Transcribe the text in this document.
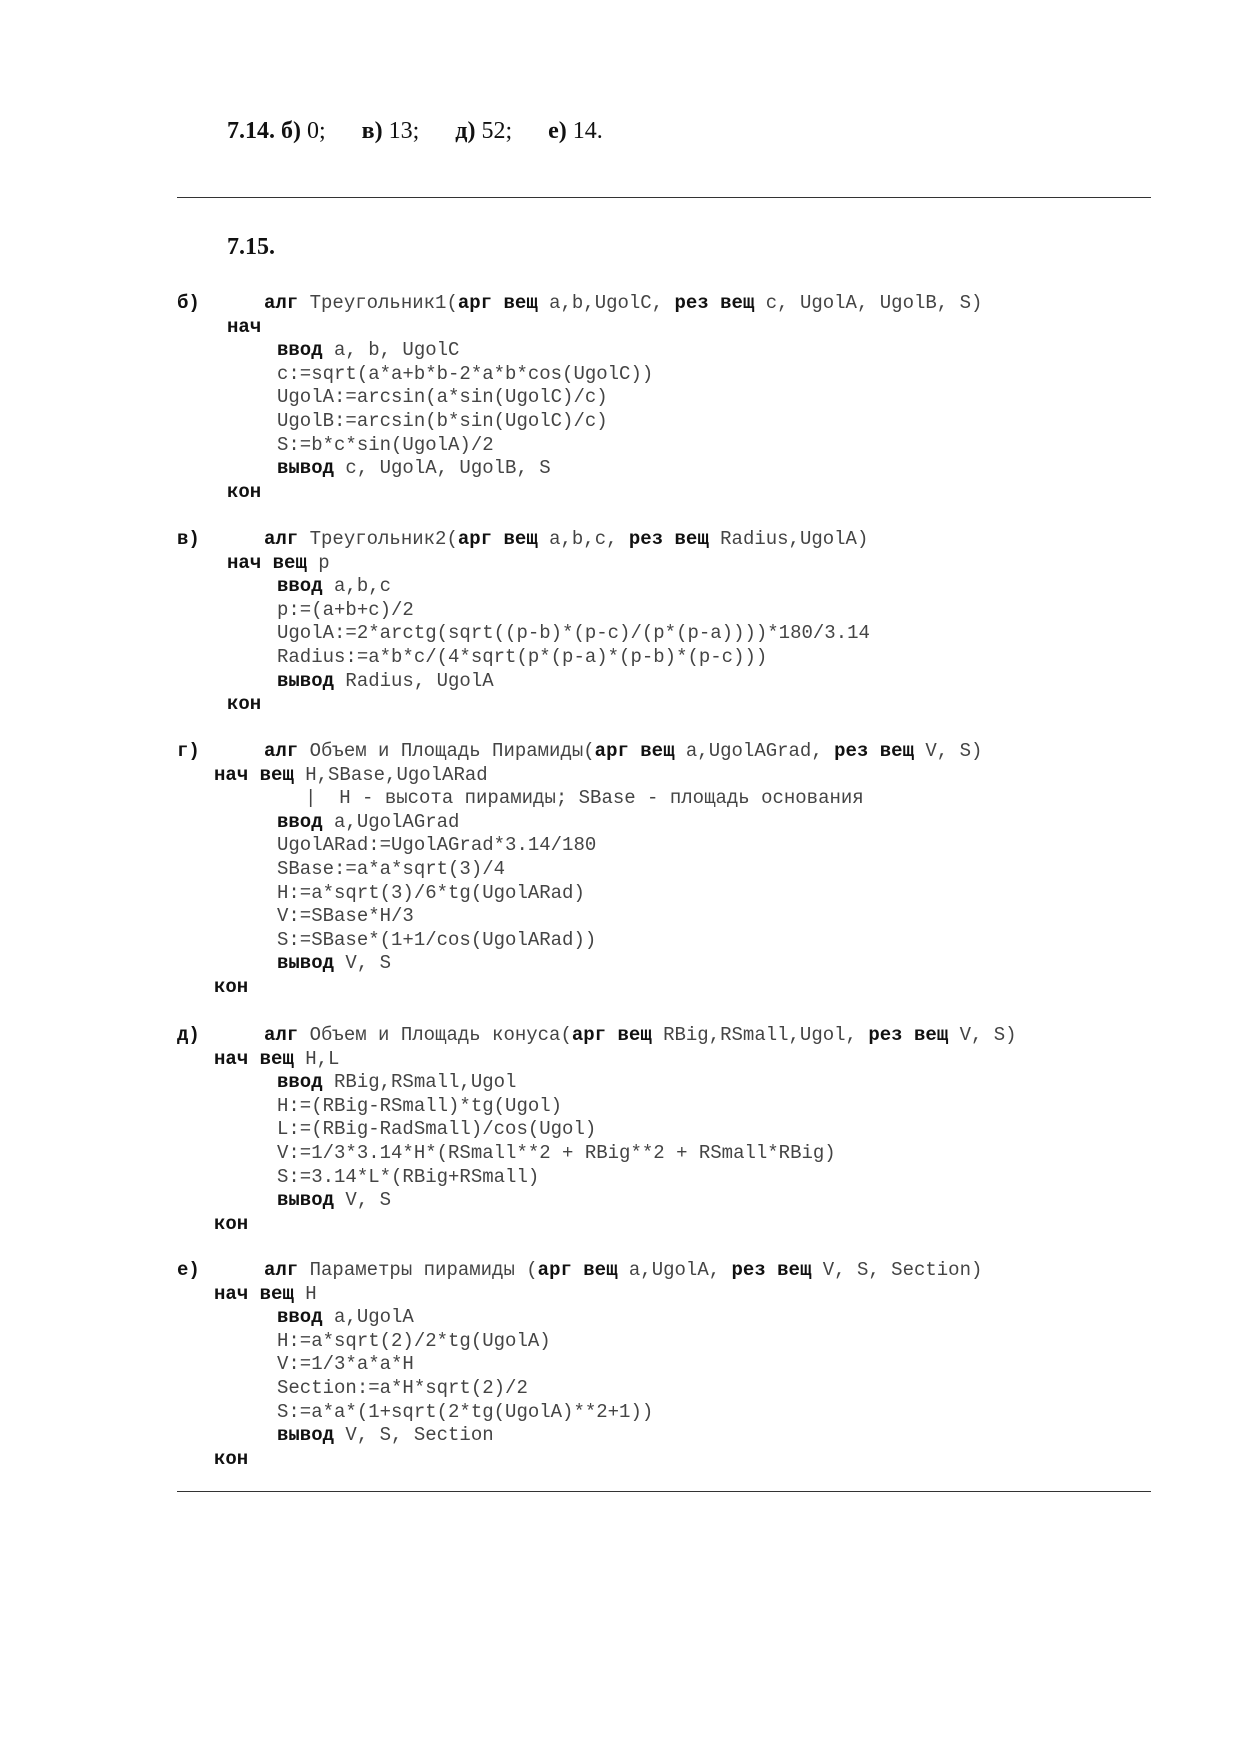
7.14. б) 0; в) 13; д) 52; е) 14.
7.15.
б)	алг Треугольник1(арг вещ a,b,UgolC, рез вещ c, UgolA, UgolB, S)
нач
ввод a, b, UgolC
c:=sqrt(a*a+b*b-2*a*b*cos(UgolC))
UgolA:=arcsin(a*sin(UgolC)/c)
UgolB:=arcsin(b*sin(UgolC)/c)
S:=b*c*sin(UgolA)/2
вывод c, UgolA, UgolB, S
кон
в)	алг Треугольник2(арг вещ a,b,c, рез вещ Radius,UgolA)
нач вещ p
ввод a,b,c
p:=(a+b+c)/2
UgolA:=2*arctg(sqrt((p-b)*(p-c)/(p*(p-a))))*180/3.14
Radius:=a*b*c/(4*sqrt(p*(p-a)*(p-b)*(p-c)))
вывод Radius, UgolA
кон
г)	алг Объем и Площадь Пирамиды(арг вещ a,UgolAGrad, рез вещ V, S)
нач вещ H,SBase,UgolARad
|  H - высота пирамиды; SBase - площадь основания
ввод a,UgolAGrad
UgolARad:=UgolAGrad*3.14/180
SBase:=a*a*sqrt(3)/4
H:=a*sqrt(3)/6*tg(UgolARad)
V:=SBase*H/3
S:=SBase*(1+1/cos(UgolARad))
вывод V, S
кон
д)	алг Объем и Площадь конуса(арг вещ RBig,RSmall,Ugol, рез вещ V, S)
нач вещ H,L
ввод RBig,RSmall,Ugol
H:=(RBig-RSmall)*tg(Ugol)
L:=(RBig-RadSmall)/cos(Ugol)
V:=1/3*3.14*H*(RSmall**2 + RBig**2 + RSmall*RBig)
S:=3.14*L*(RBig+RSmall)
вывод V, S
кон
е)	алг Параметры пирамиды (арг вещ a,UgolA, рез вещ V, S, Section)
нач вещ H
ввод a,UgolA
H:=a*sqrt(2)/2*tg(UgolA)
V:=1/3*a*a*H
Section:=a*H*sqrt(2)/2
S:=a*a*(1+sqrt(2*tg(UgolA)**2+1))
вывод V, S, Section
кон
